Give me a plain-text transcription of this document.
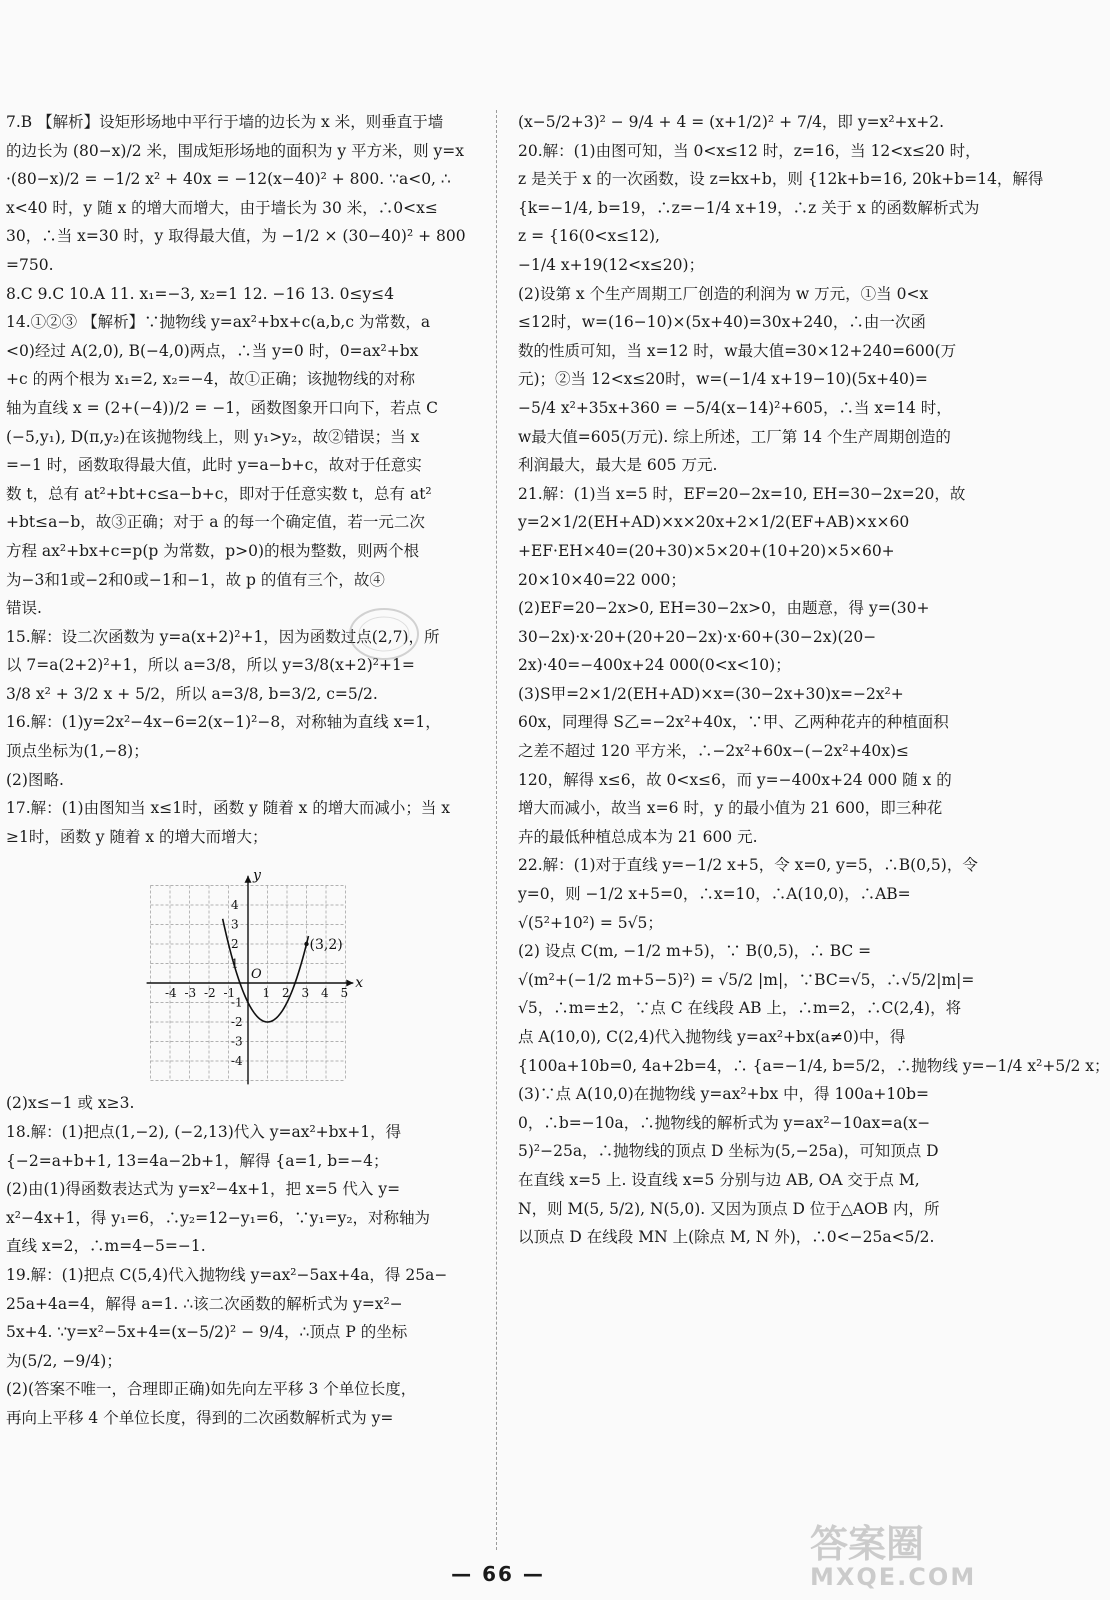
7.B 【解析】设矩形场地中平行于墙的边长为 x 米，则垂直于墙
的边长为 (80−x)/2 米，围成矩形场地的面积为 y 平方米，则 y=x
·(80−x)/2 = −1/2 x² + 40x = −12(x−40)² + 800. ∵a<0, ∴
x<40 时，y 随 x 的增大而增大，由于墙长为 30 米，∴0<x≤
30，∴当 x=30 时，y 取得最大值，为 −1/2 × (30−40)² + 800
=750.
8.C 9.C 10.A 11. x₁=−3, x₂=1 12. −16 13. 0≤y≤4
14.①②③ 【解析】∵抛物线 y=ax²+bx+c(a,b,c 为常数，a
<0)经过 A(2,0), B(−4,0)两点，∴当 y=0 时，0=ax²+bx
+c 的两个根为 x₁=2, x₂=−4，故①正确；该抛物线的对称
轴为直线 x = (2+(−4))/2 = −1，函数图象开口向下，若点 C
(−5,y₁), D(π,y₂)在该抛物线上，则 y₁>y₂，故②错误；当 x
=−1 时，函数取得最大值，此时 y=a−b+c，故对于任意实
数 t，总有 at²+bt+c≤a−b+c，即对于任意实数 t，总有 at²
+bt≤a−b，故③正确；对于 a 的每一个确定值，若一元二次
方程 ax²+bx+c=p(p 为常数，p>0)的根为整数，则两个根
为−3和1或−2和0或−1和−1，故 p 的值有三个，故④
错误.
15.解：设二次函数为 y=a(x+2)²+1，因为函数过点(2,7)，所
以 7=a(2+2)²+1，所以 a=3/8，所以 y=3/8(x+2)²+1=
3/8 x² + 3/2 x + 5/2，所以 a=3/8, b=3/2, c=5/2.
16.解：(1)y=2x²−4x−6=2(x−1)²−8，对称轴为直线 x=1，
顶点坐标为(1,−8)；
(2)图略.
17.解：(1)由图知当 x≤1时，函数 y 随着 x 的增大而减小；当 x
≥1时，函数 y 随着 x 的增大而增大；
x
y
O
-4 -3 -2 -1 1 2 3 4 5
4
3
2
1
-1
-2
-3
-4
(3,2)
(2)x≤−1 或 x≥3.
18.解：(1)把点(1,−2), (−2,13)代入 y=ax²+bx+1，得
{−2=a+b+1, 13=4a−2b+1，解得 {a=1, b=−4；
(2)由(1)得函数表达式为 y=x²−4x+1，把 x=5 代入 y=
x²−4x+1，得 y₁=6，∴y₂=12−y₁=6，∵y₁=y₂，对称轴为
直线 x=2，∴m=4−5=−1.
19.解：(1)把点 C(5,4)代入抛物线 y=ax²−5ax+4a，得 25a−
25a+4a=4，解得 a=1. ∴该二次函数的解析式为 y=x²−
5x+4. ∵y=x²−5x+4=(x−5/2)² − 9/4，∴顶点 P 的坐标
为(5/2, −9/4)；
(2)(答案不唯一，合理即正确)如先向左平移 3 个单位长度，
再向上平移 4 个单位长度，得到的二次函数解析式为 y=
(x−5/2+3)² − 9/4 + 4 = (x+1/2)² + 7/4，即 y=x²+x+2.
20.解：(1)由图可知，当 0<x≤12 时，z=16，当 12<x≤20 时，
z 是关于 x 的一次函数，设 z=kx+b，则 {12k+b=16, 20k+b=14，解得
{k=−1/4, b=19，∴z=−1/4 x+19，∴z 关于 x 的函数解析式为
z = {16(0<x≤12),
−1/4 x+19(12<x≤20)；
(2)设第 x 个生产周期工厂创造的利润为 w 万元，①当 0<x
≤12时，w=(16−10)×(5x+40)=30x+240，∴由一次函
数的性质可知，当 x=12 时，w最大值=30×12+240=600(万
元)；②当 12<x≤20时，w=(−1/4 x+19−10)(5x+40)=
−5/4 x²+35x+360 = −5/4(x−14)²+605，∴当 x=14 时，
w最大值=605(万元). 综上所述，工厂第 14 个生产周期创造的
利润最大，最大是 605 万元.
21.解：(1)当 x=5 时，EF=20−2x=10, EH=30−2x=20，故
y=2×1/2(EH+AD)×x×20x+2×1/2(EF+AB)×x×60
+EF·EH×40=(20+30)×5×20+(10+20)×5×60+
20×10×40=22 000；
(2)EF=20−2x>0, EH=30−2x>0，由题意，得 y=(30+
30−2x)·x·20+(20+20−2x)·x·60+(30−2x)(20−
2x)·40=−400x+24 000(0<x<10)；
(3)S甲=2×1/2(EH+AD)×x=(30−2x+30)x=−2x²+
60x，同理得 S乙=−2x²+40x，∵甲、乙两种花卉的种植面积
之差不超过 120 平方米，∴−2x²+60x−(−2x²+40x)≤
120，解得 x≤6，故 0<x≤6，而 y=−400x+24 000 随 x 的
增大而减小，故当 x=6 时，y 的最小值为 21 600，即三种花
卉的最低种植总成本为 21 600 元.
22.解：(1)对于直线 y=−1/2 x+5，令 x=0, y=5，∴B(0,5)，令
y=0，则 −1/2 x+5=0，∴x=10，∴A(10,0)，∴AB=
√(5²+10²) = 5√5；
(2) 设点 C(m, −1/2 m+5)，∵ B(0,5)，∴ BC =
√(m²+(−1/2 m+5−5)²) = √5/2 |m|，∵BC=√5，∴√5/2|m|=
√5，∴m=±2，∵点 C 在线段 AB 上，∴m=2，∴C(2,4)，将
点 A(10,0), C(2,4)代入抛物线 y=ax²+bx(a≠0)中，得
{100a+10b=0, 4a+2b=4，∴ {a=−1/4, b=5/2，∴抛物线 y=−1/4 x²+5/2 x；
(3)∵点 A(10,0)在抛物线 y=ax²+bx 中，得 100a+10b=
0，∴b=−10a，∴抛物线的解析式为 y=ax²−10ax=a(x−
5)²−25a，∴抛物线的顶点 D 坐标为(5,−25a)，可知顶点 D
在直线 x=5 上. 设直线 x=5 分别与边 AB, OA 交于点 M,
N，则 M(5, 5/2), N(5,0). 又因为顶点 D 位于△AOB 内，所
以顶点 D 在线段 MN 上(除点 M, N 外)，∴0<−25a<5/2.
— 66 —
答案圈
MXQE.COM
